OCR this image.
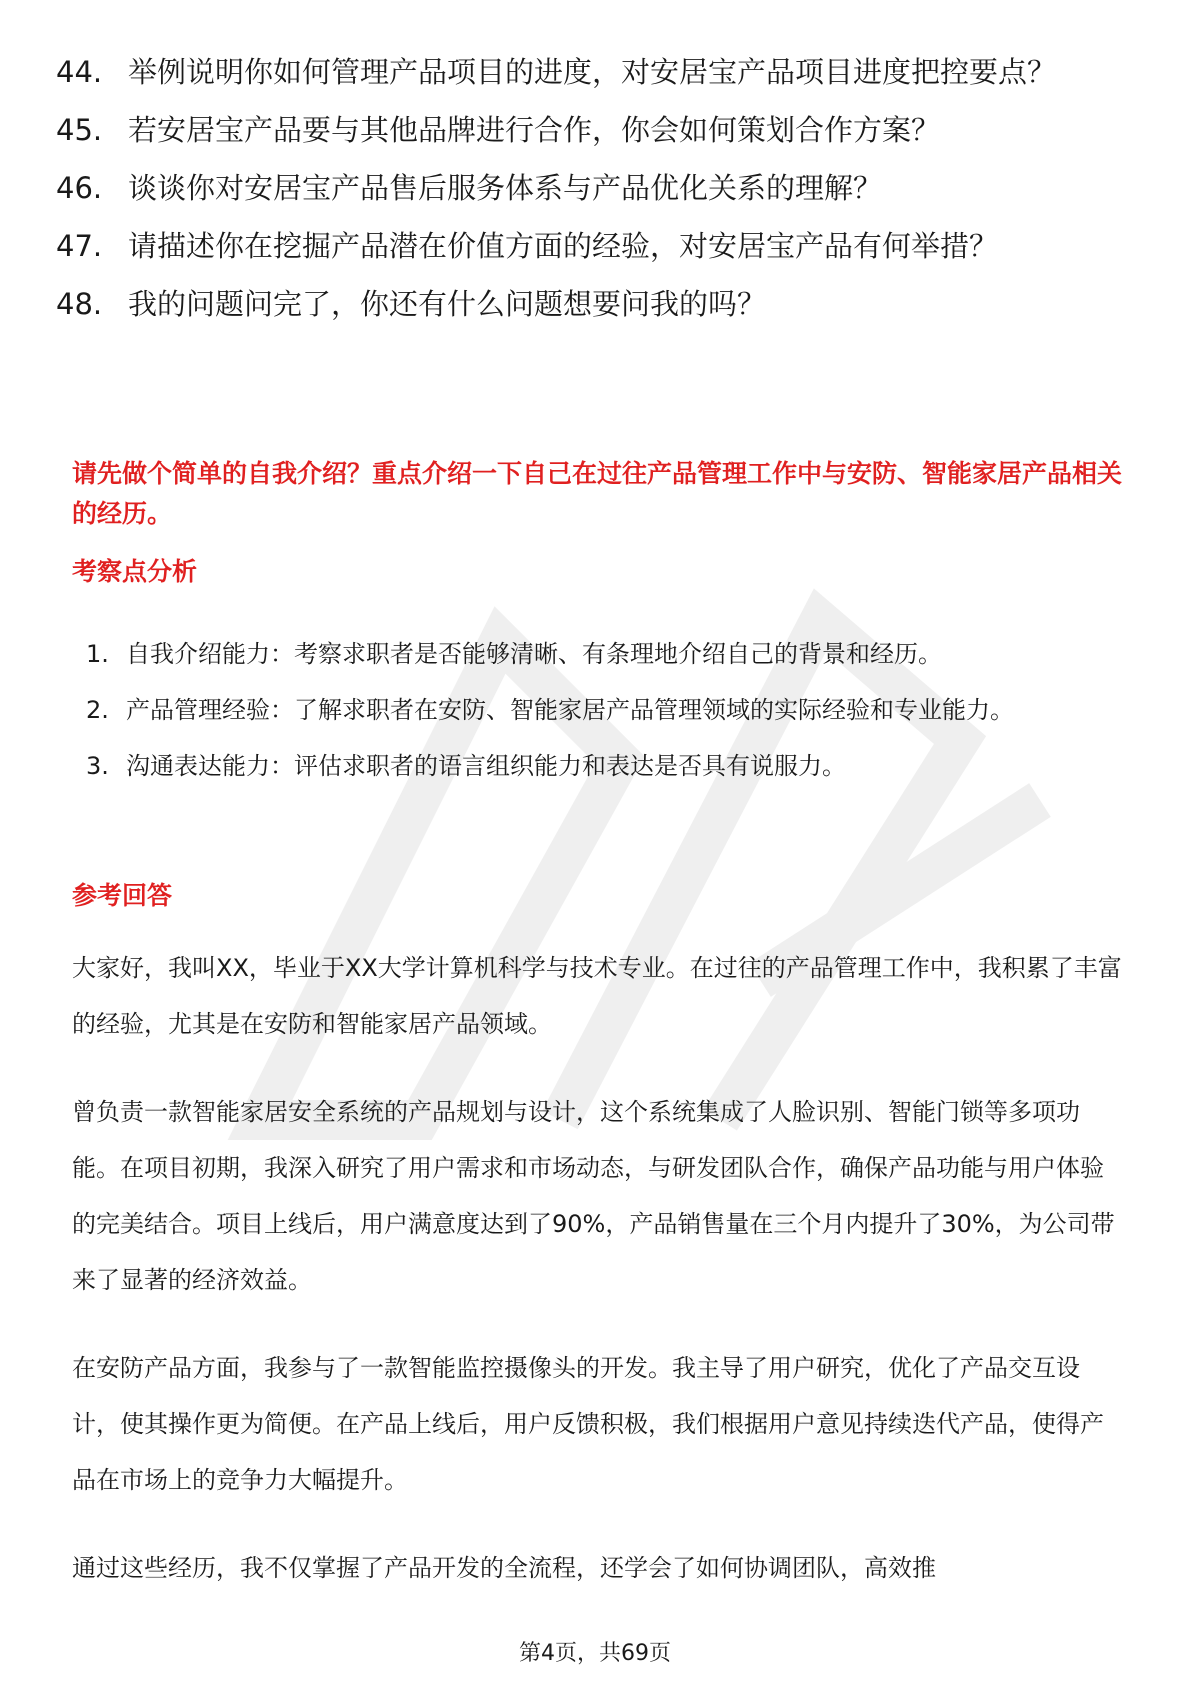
44. 举例说明你如何管理产品项目的进度，对安居宝产品项目进度把控要点？
45. 若安居宝产品要与其他品牌进行合作，你会如何策划合作方案？
46. 谈谈你对安居宝产品售后服务体系与产品优化关系的理解？
47. 请描述你在挖掘产品潜在价值方面的经验，对安居宝产品有何举措？
48. 我的问题问完了，你还有什么问题想要问我的吗？
请先做个简单的自我介绍？重点介绍一下自己在过往产品管理工作中与安防、智能家居产品相关的经历。
考察点分析
1. 自我介绍能力：考察求职者是否能够清晰、有条理地介绍自己的背景和经历。
2. 产品管理经验：了解求职者在安防、智能家居产品管理领域的实际经验和专业能力。
3. 沟通表达能力：评估求职者的语言组织能力和表达是否具有说服力。
参考回答

大家好，我叫XX，毕业于XX大学计算机科学与技术专业。在过往的产品管理工作中，我积累了丰富的经验，尤其是在安防和智能家居产品领域。

曾负责一款智能家居安全系统的产品规划与设计，这个系统集成了人脸识别、智能门锁等多项功能。在项目初期，我深入研究了用户需求和市场动态，与研发团队合作，确保产品功能与用户体验的完美结合。项目上线后，用户满意度达到了90%，产品销售量在三个月内提升了30%，为公司带来了显著的经济效益。

在安防产品方面，我参与了一款智能监控摄像头的开发。我主导了用户研究，优化了产品交互设计，使其操作更为简便。在产品上线后，用户反馈积极，我们根据用户意见持续迭代产品，使得产品在市场上的竞争力大幅提升。

通过这些经历，我不仅掌握了产品开发的全流程，还学会了如何协调团队，高效推

第4页，共69页
